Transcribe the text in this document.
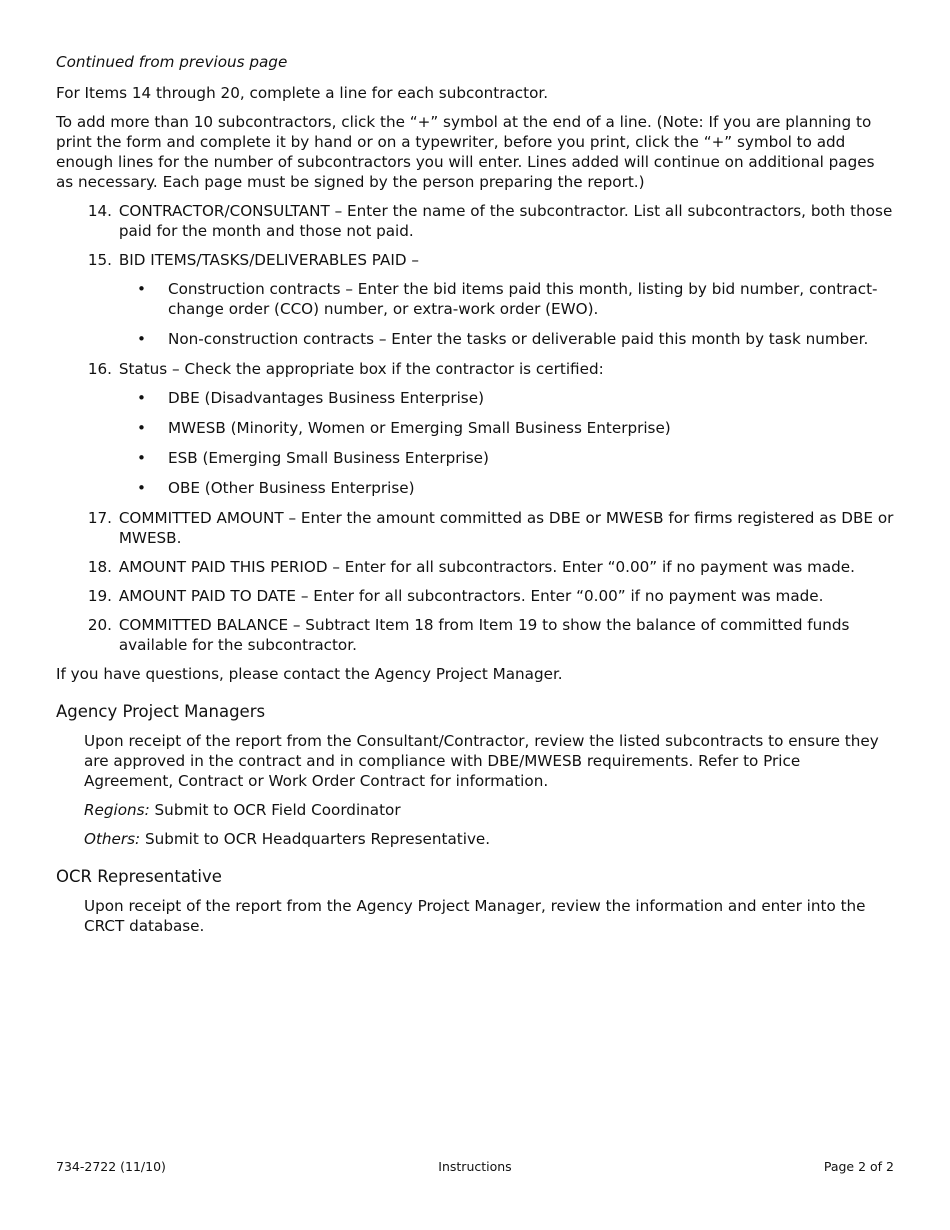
Continued from previous page

For Items 14 through 20, complete a line for each subcontractor.

To add more than 10 subcontractors, click the “+” symbol at the end of a line. (Note: If you are planning to print the form and complete it by hand or on a typewriter, before you print, click the “+” symbol to add enough lines for the number of subcontractors you will enter. Lines added will continue on additional pages as necessary. Each page must be signed by the person preparing the report.)

14. CONTRACTOR/CONSULTANT – Enter the name of the subcontractor. List all subcontractors, both those paid for the month and those not paid.
15. BID ITEMS/TASKS/DELIVERABLES PAID –
•	Construction contracts – Enter the bid items paid this month, listing by bid number, contract-change order (CCO) number, or extra-work order (EWO).
•	Non-construction contracts – Enter the tasks or deliverable paid this month by task number.
16. Status – Check the appropriate box if the contractor is certified:
•	DBE (Disadvantages Business Enterprise)
•	MWESB (Minority, Women or Emerging Small Business Enterprise)
•	ESB (Emerging Small Business Enterprise)
•	OBE (Other Business Enterprise)
17. COMMITTED AMOUNT – Enter the amount committed as DBE or MWESB for firms registered as DBE or MWESB.
18. AMOUNT PAID THIS PERIOD – Enter for all subcontractors. Enter “0.00” if no payment was made.
19. AMOUNT PAID TO DATE – Enter for all subcontractors. Enter “0.00” if no payment was made.
20. COMMITTED BALANCE – Subtract Item 18 from Item 19 to show the balance of committed funds available for the subcontractor.

If you have questions, please contact the Agency Project Manager.

Agency Project Managers

Upon receipt of the report from the Consultant/Contractor, review the listed subcontracts to ensure they are approved in the contract and in compliance with DBE/MWESB requirements. Refer to Price Agreement, Contract or Work Order Contract for information.

Regions: Submit to OCR Field Coordinator

Others: Submit to OCR Headquarters Representative.

OCR Representative

Upon receipt of the report from the Agency Project Manager, review the information and enter into the CRCT database.

734-2722 (11/10)	Instructions	Page 2 of 2
